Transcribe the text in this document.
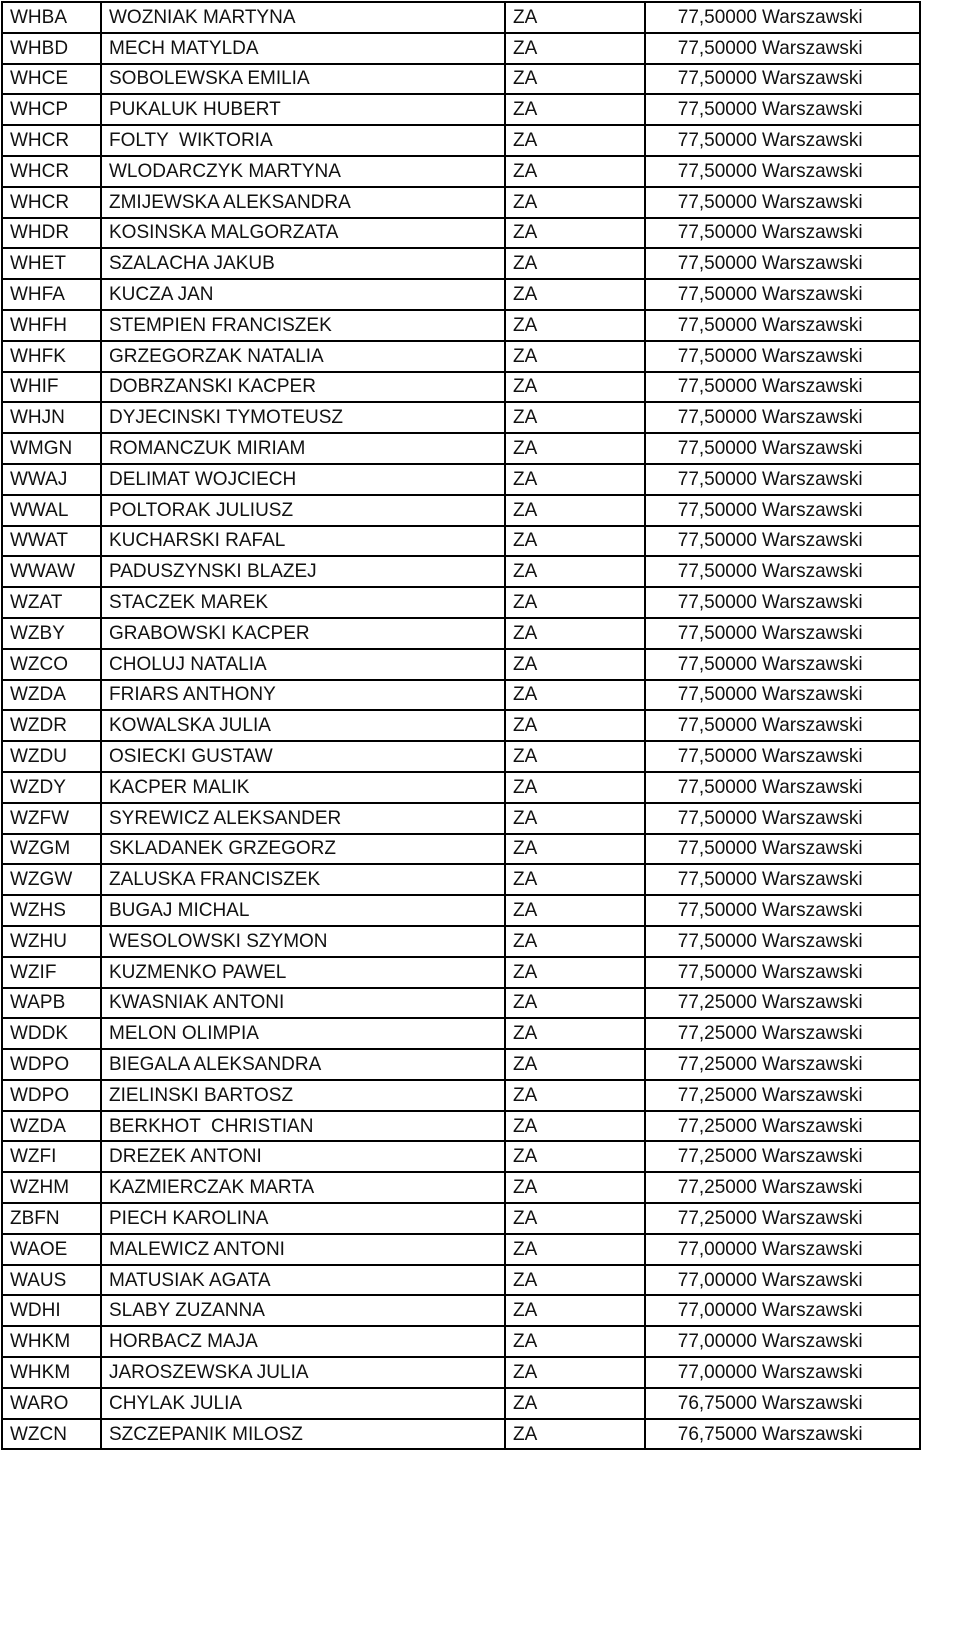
WHBA	WOZNIAK MARTYNA	ZA	77,50000 Warszawski

WHBD	MECH MATYLDA	ZA	77,50000 Warszawski

WHCE	SOBOLEWSKA EMILIA	ZA	77,50000 Warszawski

WHCP	PUKALUK HUBERT	ZA	77,50000 Warszawski

WHCR	FOLTY  WIKTORIA	ZA	77,50000 Warszawski

WHCR	WLODARCZYK MARTYNA	ZA	77,50000 Warszawski

WHCR	ZMIJEWSKA ALEKSANDRA	ZA	77,50000 Warszawski

WHDR	KOSINSKA MALGORZATA	ZA	77,50000 Warszawski

WHET	SZALACHA JAKUB	ZA	77,50000 Warszawski

WHFA	KUCZA JAN	ZA	77,50000 Warszawski

WHFH	STEMPIEN FRANCISZEK	ZA	77,50000 Warszawski

WHFK	GRZEGORZAK NATALIA	ZA	77,50000 Warszawski

WHIF	DOBRZANSKI KACPER	ZA	77,50000 Warszawski

WHJN	DYJECINSKI TYMOTEUSZ	ZA	77,50000 Warszawski

WMGN	ROMANCZUK MIRIAM	ZA	77,50000 Warszawski

WWAJ	DELIMAT WOJCIECH	ZA	77,50000 Warszawski

WWAL	POLTORAK JULIUSZ	ZA	77,50000 Warszawski

WWAT	KUCHARSKI RAFAL	ZA	77,50000 Warszawski

WWAW	PADUSZYNSKI BLAZEJ	ZA	77,50000 Warszawski

WZAT	STACZEK MAREK	ZA	77,50000 Warszawski

WZBY	GRABOWSKI KACPER	ZA	77,50000 Warszawski

WZCO	CHOLUJ NATALIA	ZA	77,50000 Warszawski

WZDA	FRIARS ANTHONY	ZA	77,50000 Warszawski

WZDR	KOWALSKA JULIA	ZA	77,50000 Warszawski

WZDU	OSIECKI GUSTAW	ZA	77,50000 Warszawski

WZDY	KACPER MALIK	ZA	77,50000 Warszawski

WZFW	SYREWICZ ALEKSANDER	ZA	77,50000 Warszawski

WZGM	SKLADANEK GRZEGORZ	ZA	77,50000 Warszawski

WZGW	ZALUSKA FRANCISZEK	ZA	77,50000 Warszawski

WZHS	BUGAJ MICHAL	ZA	77,50000 Warszawski

WZHU	WESOLOWSKI SZYMON	ZA	77,50000 Warszawski

WZIF	KUZMENKO PAWEL	ZA	77,50000 Warszawski

WAPB	KWASNIAK ANTONI	ZA	77,25000 Warszawski

WDDK	MELON OLIMPIA	ZA	77,25000 Warszawski

WDPO	BIEGALA ALEKSANDRA	ZA	77,25000 Warszawski

WDPO	ZIELINSKI BARTOSZ	ZA	77,25000 Warszawski

WZDA	BERKHOT  CHRISTIAN	ZA	77,25000 Warszawski

WZFI	DREZEK ANTONI	ZA	77,25000 Warszawski

WZHM	KAZMIERCZAK MARTA	ZA	77,25000 Warszawski

ZBFN	PIECH KAROLINA	ZA	77,25000 Warszawski

WAOE	MALEWICZ ANTONI	ZA	77,00000 Warszawski

WAUS	MATUSIAK AGATA	ZA	77,00000 Warszawski

WDHI	SLABY ZUZANNA	ZA	77,00000 Warszawski

WHKM	HORBACZ MAJA	ZA	77,00000 Warszawski

WHKM	JAROSZEWSKA JULIA	ZA	77,00000 Warszawski

WARO	CHYLAK JULIA	ZA	76,75000 Warszawski

WZCN	SZCZEPANIK MILOSZ	ZA	76,75000 Warszawski
